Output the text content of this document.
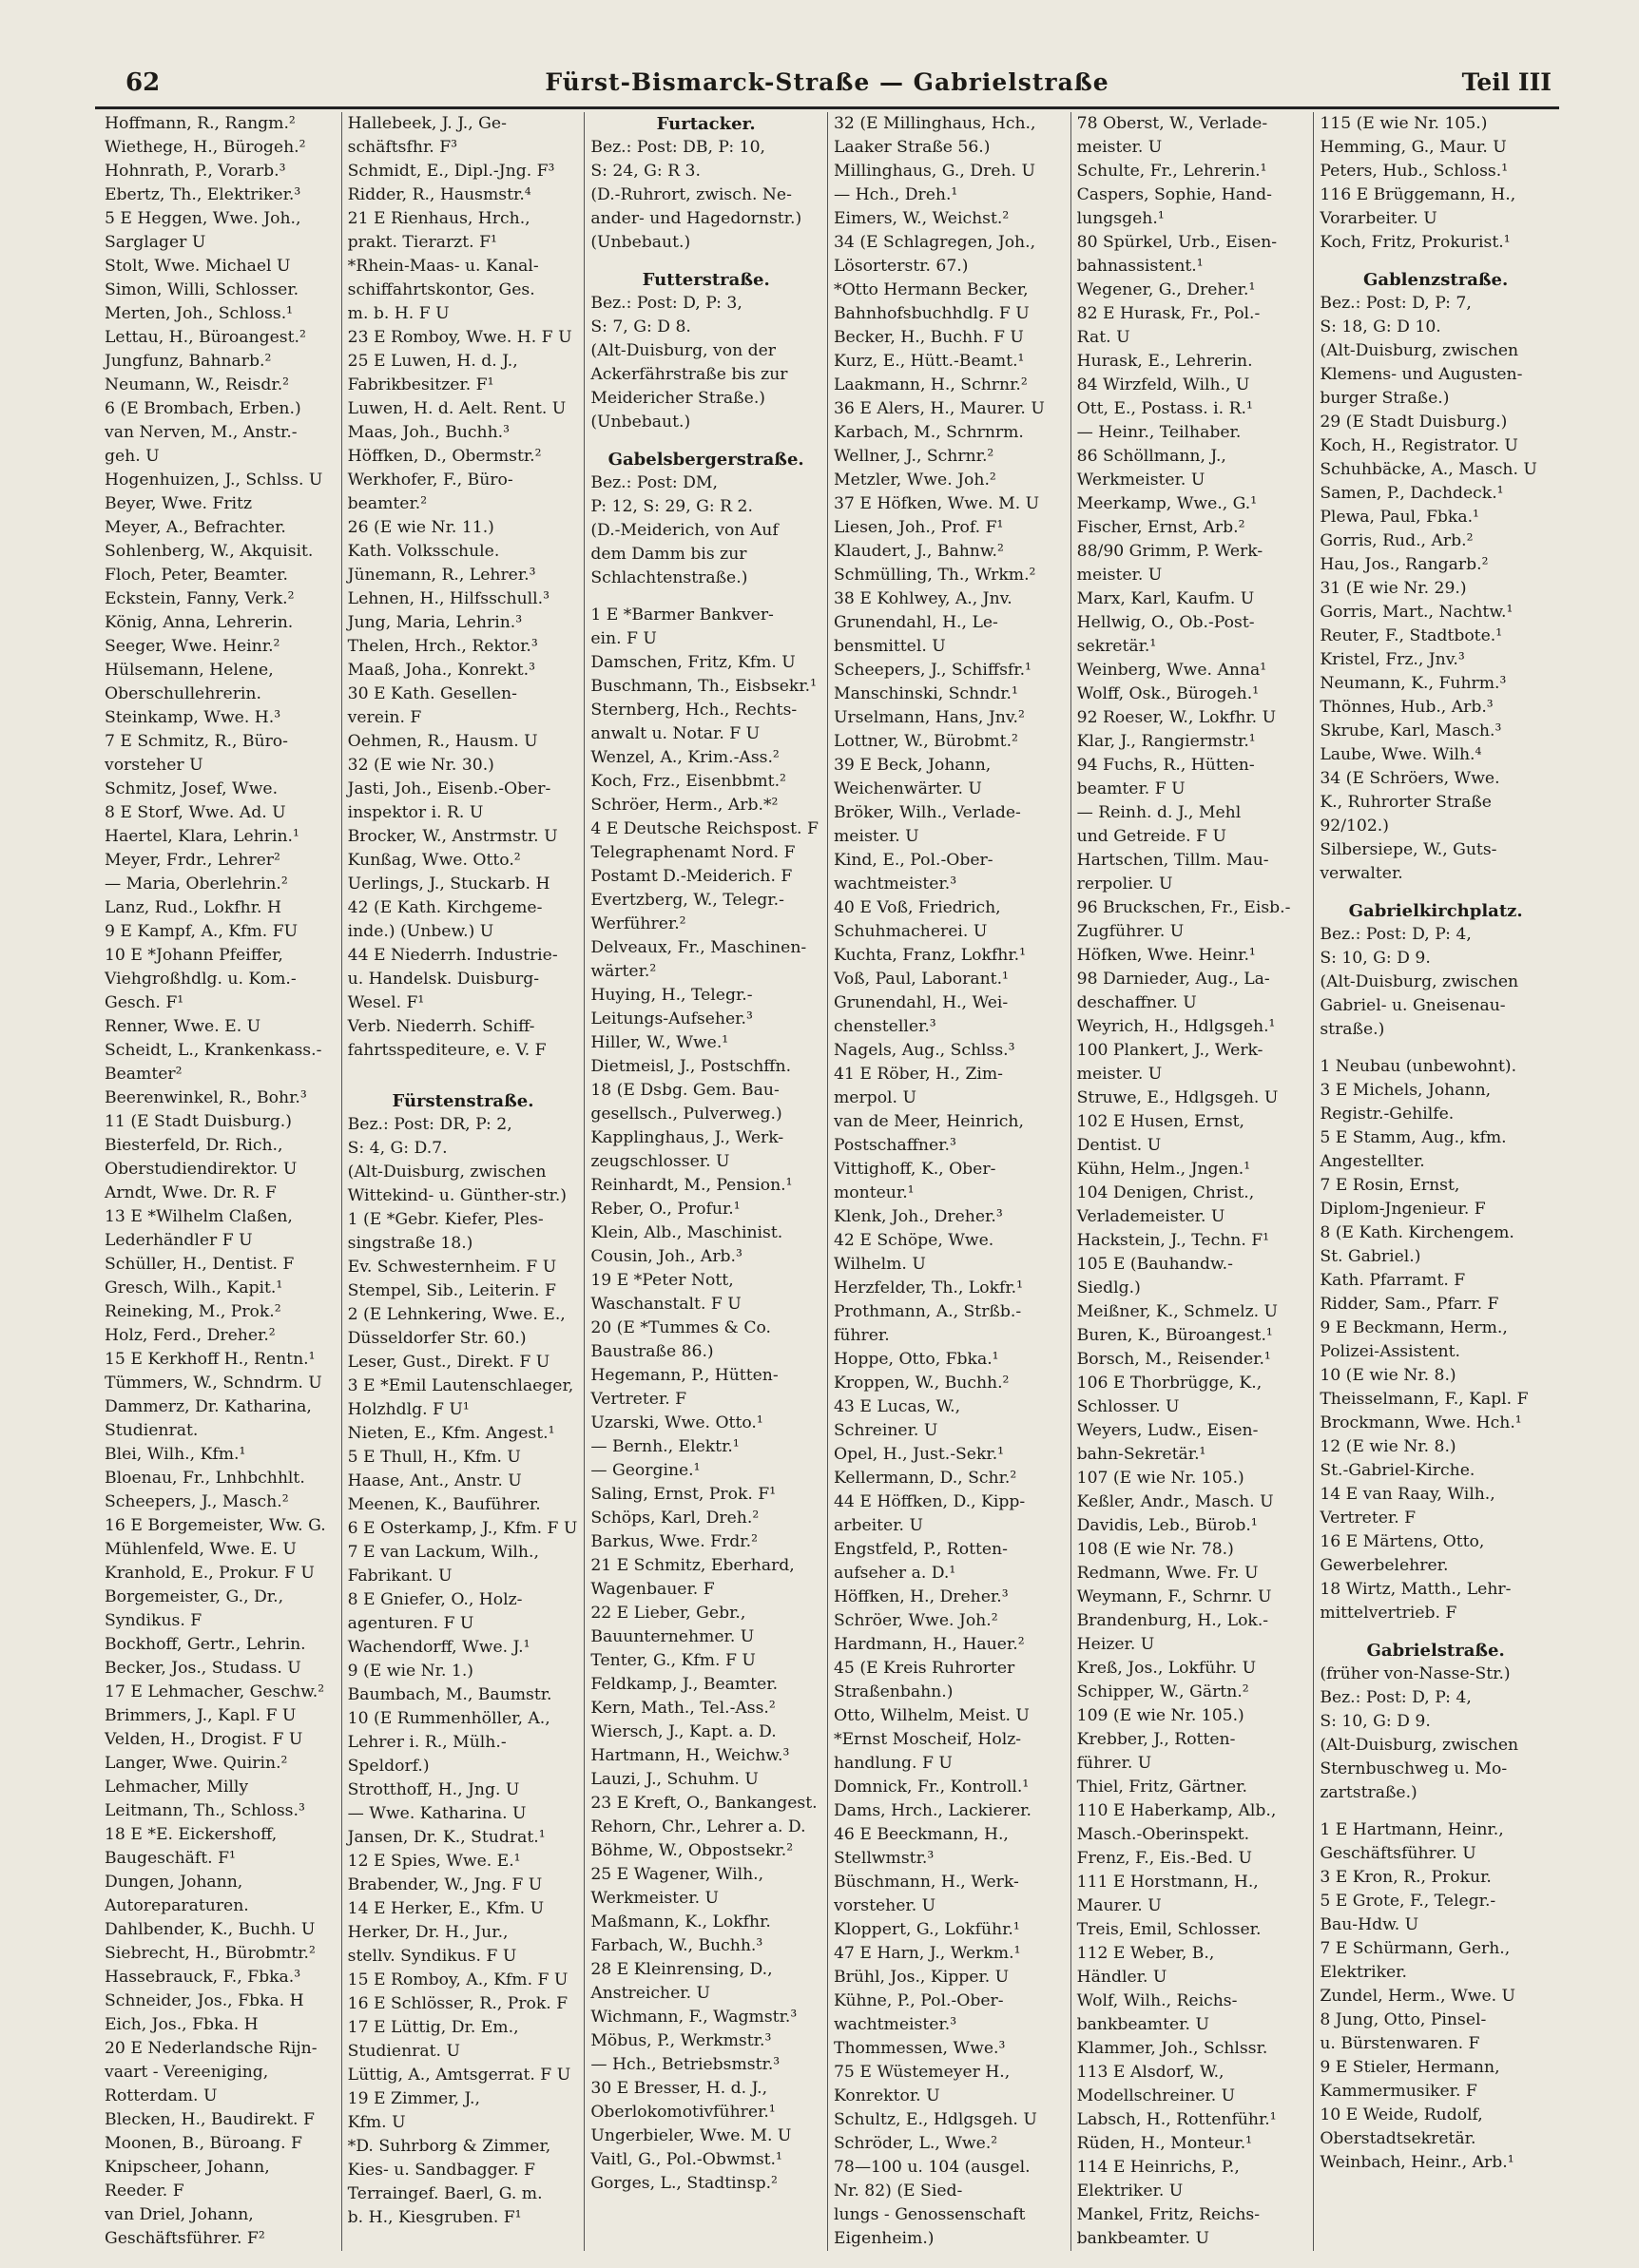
62	Fürst-Bismarck-Straße — Gabrielstraße	Teil III

Hoffmann, R., Rangm.²

Wiethege, H., Bürogeh.²

Hohnrath, P., Vorarb.³

Ebertz, Th., Elektriker.³

5 E Heggen, Wwe. Joh.,

Sarglager U

Stolt, Wwe. Michael U

Simon, Willi, Schlosser.

Merten, Joh., Schloss.¹

Lettau, H., Büroangest.²

Jungfunz, Bahnarb.²

Neumann, W., Reisdr.²

6 (E Brombach, Erben.)

van Nerven, M., Anstr.-

geh. U

Hogenhuizen, J., Schlss. U

Beyer, Wwe. Fritz

Meyer, A., Befrachter.

Sohlenberg, W., Akquisit.

Floch, Peter, Beamter.

Eckstein, Fanny, Verk.²

König, Anna, Lehrerin.

Seeger, Wwe. Heinr.²

Hülsemann, Helene,

Oberschullehrerin.

Steinkamp, Wwe. H.³

7 E Schmitz, R., Büro-

vorsteher U

Schmitz, Josef, Wwe.

8 E Storf, Wwe. Ad. U

Haertel, Klara, Lehrin.¹

Meyer, Frdr., Lehrer²

— Maria, Oberlehrin.²

Lanz, Rud., Lokfhr. H

9 E Kampf, A., Kfm. FU

10 E *Johann Pfeiffer,

Viehgroßhdlg. u. Kom.-

Gesch. F¹

Renner, Wwe. E. U

Scheidt, L., Krankenkass.-

Beamter²

Beerenwinkel, R., Bohr.³

11 (E Stadt Duisburg.)

Biesterfeld, Dr. Rich.,

Oberstudiendirektor. U

Arndt, Wwe. Dr. R. F

13 E *Wilhelm Claßen,

Lederhändler F U

Schüller, H., Dentist. F

Gresch, Wilh., Kapit.¹

Reineking, M., Prok.²

Holz, Ferd., Dreher.²

15 E Kerkhoff H., Rentn.¹

Tümmers, W., Schndrm. U

Dammerz, Dr. Katharina,

Studienrat.

Blei, Wilh., Kfm.¹

Bloenau, Fr., Lnhbchhlt.

Scheepers, J., Masch.²

16 E Borgemeister, Ww. G.

Mühlenfeld, Wwe. E. U

Kranhold, E., Prokur. F U

Borgemeister, G., Dr.,

Syndikus. F

Bockhoff, Gertr., Lehrin.

Becker, Jos., Studass. U

17 E Lehmacher, Geschw.²

Brimmers, J., Kapl. F U

Velden, H., Drogist. F U

Langer, Wwe. Quirin.²

Lehmacher, Milly

Leitmann, Th., Schloss.³

18 E *E. Eickershoff,

Baugeschäft. F¹

Dungen, Johann,

Autoreparaturen.

Dahlbender, K., Buchh. U

Siebrecht, H., Bürobmtr.²

Hassebrauck, F., Fbka.³

Schneider, Jos., Fbka. H

Eich, Jos., Fbka. H

20 E Nederlandsche Rijn-

vaart - Vereeniging,

Rotterdam. U

Blecken, H., Baudirekt. F

Moonen, B., Büroang. F

Knipscheer, Johann,

Reeder. F

van Driel, Johann,

Geschäftsführer. F²

Hallebeek, J. J., Ge-

schäftsfhr. F³

Schmidt, E., Dipl.-Jng. F³

Ridder, R., Hausmstr.⁴

21 E Rienhaus, Hrch.,

prakt. Tierarzt. F¹

*Rhein-Maas- u. Kanal-

schiffahrtskontor, Ges.

m. b. H. F U

23 E Romboy, Wwe. H. F U

25 E Luwen, H. d. J.,

Fabrikbesitzer. F¹

Luwen, H. d. Aelt. Rent. U

Maas, Joh., Buchh.³

Höffken, D., Obermstr.²

Werkhofer, F., Büro-

beamter.²

26 (E wie Nr. 11.)

Kath. Volksschule.

Jünemann, R., Lehrer.³

Lehnen, H., Hilfsschull.³

Jung, Maria, Lehrin.³

Thelen, Hrch., Rektor.³

Maaß, Joha., Konrekt.³

30 E Kath. Gesellen-

verein. F

Oehmen, R., Hausm. U

32 (E wie Nr. 30.)

Jasti, Joh., Eisenb.-Ober-

inspektor i. R. U

Brocker, W., Anstrmstr. U

Kunßag, Wwe. Otto.²

Uerlings, J., Stuckarb. H

42 (E Kath. Kirchgeme-

inde.) (Unbew.) U

44 E Niederrh. Industrie-

u. Handelsk. Duisburg-

Wesel. F¹

Verb. Niederrh. Schiff-

fahrtsspediteure, e. V. F

Fürstenstraße.

Bez.: Post: DR, P: 2,

S: 4, G: D.7.

(Alt-Duisburg, zwischen

Wittekind- u. Günther-str.)

1 (E *Gebr. Kiefer, Ples-

singstraße 18.)

Ev. Schwesternheim. F U

Stempel, Sib., Leiterin. F

2 (E Lehnkering, Wwe. E.,

Düsseldorfer Str. 60.)

Leser, Gust., Direkt. F U

3 E *Emil Lautenschlaeger,

Holzhdlg. F U¹

Nieten, E., Kfm. Angest.¹

5 E Thull, H., Kfm. U

Haase, Ant., Anstr. U

Meenen, K., Bauführer.

6 E Osterkamp, J., Kfm. F U

7 E van Lackum, Wilh.,

Fabrikant. U

8 E Gniefer, O., Holz-

agenturen. F U

Wachendorff, Wwe. J.¹

9 (E wie Nr. 1.)

Baumbach, M., Baumstr.

10 (E Rummenhöller, A.,

Lehrer i. R., Mülh.-

Speldorf.)

Strotthoff, H., Jng. U

— Wwe. Katharina. U

Jansen, Dr. K., Studrat.¹

12 E Spies, Wwe. E.¹

Brabender, W., Jng. F U

14 E Herker, E., Kfm. U

Herker, Dr. H., Jur.,

stellv. Syndikus. F U

15 E Romboy, A., Kfm. F U

16 E Schlösser, R., Prok. F

17 E Lüttig, Dr. Em.,

Studienrat. U

Lüttig, A., Amtsgerrat. F U

19 E Zimmer, J.,

Kfm. U

*D. Suhrborg & Zimmer,

Kies- u. Sandbagger. F

Terraingef. Baerl, G. m.

b. H., Kiesgruben. F¹

Furtacker.

Bez.: Post: DB, P: 10,

S: 24, G: R 3.

(D.-Ruhrort, zwisch. Ne-

ander- und Hagedornstr.)

(Unbebaut.)

Futterstraße.

Bez.: Post: D, P: 3,

S: 7, G: D 8.

(Alt-Duisburg, von der

Ackerfährstraße bis zur

Meidericher Straße.)

(Unbebaut.)

Gabelsbergerstraße.

Bez.: Post: DM,

P: 12, S: 29, G: R 2.

(D.-Meiderich, von Auf

dem Damm bis zur

Schlachtenstraße.)

1 E *Barmer Bankver-

ein. F U

Damschen, Fritz, Kfm. U

Buschmann, Th., Eisbsekr.¹

Sternberg, Hch., Rechts-

anwalt u. Notar. F U

Wenzel, A., Krim.-Ass.²

Koch, Frz., Eisenbbmt.²

Schröer, Herm., Arb.*²

4 E Deutsche Reichspost. F

Telegraphenamt Nord. F

Postamt D.-Meiderich. F

Evertzberg, W., Telegr.-

Werführer.²

Delveaux, Fr., Maschinen-

wärter.²

Huying, H., Telegr.-

Leitungs-Aufseher.³

Hiller, W., Wwe.¹

Dietmeisl, J., Postschffn.

18 (E Dsbg. Gem. Bau-

gesellsch., Pulverweg.)

Kapplinghaus, J., Werk-

zeugschlosser. U

Reinhardt, M., Pension.¹

Reber, O., Profur.¹

Klein, Alb., Maschinist.

Cousin, Joh., Arb.³

19 E *Peter Nott,

Waschanstalt. F U

20 (E *Tummes & Co.

Baustraße 86.)

Hegemann, P., Hütten-

Vertreter. F

Uzarski, Wwe. Otto.¹

— Bernh., Elektr.¹

— Georgine.¹

Saling, Ernst, Prok. F¹

Schöps, Karl, Dreh.²

Barkus, Wwe. Frdr.²

21 E Schmitz, Eberhard,

Wagenbauer. F

22 E Lieber, Gebr.,

Bauunternehmer. U

Tenter, G., Kfm. F U

Feldkamp, J., Beamter.

Kern, Math., Tel.-Ass.²

Wiersch, J., Kapt. a. D.

Hartmann, H., Weichw.³

Lauzi, J., Schuhm. U

23 E Kreft, O., Bankangest.

Rehorn, Chr., Lehrer a. D.

Böhme, W., Obpostsekr.²

25 E Wagener, Wilh.,

Werkmeister. U

Maßmann, K., Lokfhr.

Farbach, W., Buchh.³

28 E Kleinrensing, D.,

Anstreicher. U

Wichmann, F., Wagmstr.³

Möbus, P., Werkmstr.³

— Hch., Betriebsmstr.³

30 E Bresser, H. d. J.,

Oberlokomotivführer.¹

Ungerbieler, Wwe. M. U

Vaitl, G., Pol.-Obwmst.¹

Gorges, L., Stadtinsp.²

32 (E Millinghaus, Hch.,

Laaker Straße 56.)

Millinghaus, G., Dreh. U

— Hch., Dreh.¹

Eimers, W., Weichst.²

34 (E Schlagregen, Joh.,

Lösorterstr. 67.)

*Otto Hermann Becker,

Bahnhofsbuchhdlg. F U

Becker, H., Buchh. F U

Kurz, E., Hütt.-Beamt.¹

Laakmann, H., Schrnr.²

36 E Alers, H., Maurer. U

Karbach, M., Schrnrm.

Wellner, J., Schrnr.²

Metzler, Wwe. Joh.²

37 E Höfken, Wwe. M. U

Liesen, Joh., Prof. F¹

Klaudert, J., Bahnw.²

Schmülling, Th., Wrkm.²

38 E Kohlwey, A., Jnv.

Grunendahl, H., Le-

bensmittel. U

Scheepers, J., Schiffsfr.¹

Manschinski, Schndr.¹

Urselmann, Hans, Jnv.²

Lottner, W., Bürobmt.²

39 E Beck, Johann,

Weichenwärter. U

Bröker, Wilh., Verlade-

meister. U

Kind, E., Pol.-Ober-

wachtmeister.³

40 E Voß, Friedrich,

Schuhmacherei. U

Kuchta, Franz, Lokfhr.¹

Voß, Paul, Laborant.¹

Grunendahl, H., Wei-

chensteller.³

Nagels, Aug., Schlss.³

41 E Röber, H., Zim-

merpol. U

van de Meer, Heinrich,

Postschaffner.³

Vittighoff, K., Ober-

monteur.¹

Klenk, Joh., Dreher.³

42 E Schöpe, Wwe.

Wilhelm. U

Herzfelder, Th., Lokfr.¹

Prothmann, A., Strßb.-

führer.

Hoppe, Otto, Fbka.¹

Kroppen, W., Buchh.²

43 E Lucas, W.,

Schreiner. U

Opel, H., Just.-Sekr.¹

Kellermann, D., Schr.²

44 E Höffken, D., Kipp-

arbeiter. U

Engstfeld, P., Rotten-

aufseher a. D.¹

Höffken, H., Dreher.³

Schröer, Wwe. Joh.²

Hardmann, H., Hauer.²

45 (E Kreis Ruhrorter

Straßenbahn.)

Otto, Wilhelm, Meist. U

*Ernst Moscheif, Holz-

handlung. F U

Domnick, Fr., Kontroll.¹

Dams, Hrch., Lackierer.

46 E Beeckmann, H.,

Stellwmstr.³

Büschmann, H., Werk-

vorsteher. U

Kloppert, G., Lokführ.¹

47 E Harn, J., Werkm.¹

Brühl, Jos., Kipper. U

Kühne, P., Pol.-Ober-

wachtmeister.³

Thommessen, Wwe.³

75 E Wüstemeyer H.,

Konrektor. U

Schultz, E., Hdlgsgeh. U

Schröder, L., Wwe.²

78—100 u. 104 (ausgel.

Nr. 82) (E Sied-

lungs - Genossenschaft

Eigenheim.)

78 Oberst, W., Verlade-

meister. U

Schulte, Fr., Lehrerin.¹

Caspers, Sophie, Hand-

lungsgeh.¹

80 Spürkel, Urb., Eisen-

bahnassistent.¹

Wegener, G., Dreher.¹

82 E Hurask, Fr., Pol.-

Rat. U

Hurask, E., Lehrerin.

84 Wirzfeld, Wilh., U

Ott, E., Postass. i. R.¹

— Heinr., Teilhaber.

86 Schöllmann, J.,

Werkmeister. U

Meerkamp, Wwe., G.¹

Fischer, Ernst, Arb.²

88/90 Grimm, P. Werk-

meister. U

Marx, Karl, Kaufm. U

Hellwig, O., Ob.-Post-

sekretär.¹

Weinberg, Wwe. Anna¹

Wolff, Osk., Bürogeh.¹

92 Roeser, W., Lokfhr. U

Klar, J., Rangiermstr.¹

94 Fuchs, R., Hütten-

beamter. F U

— Reinh. d. J., Mehl

und Getreide. F U

Hartschen, Tillm. Mau-

rerpolier. U

96 Bruckschen, Fr., Eisb.-

Zugführer. U

Höfken, Wwe. Heinr.¹

98 Darnieder, Aug., La-

deschaffner. U

Weyrich, H., Hdlgsgeh.¹

100 Plankert, J., Werk-

meister. U

Struwe, E., Hdlgsgeh. U

102 E Husen, Ernst,

Dentist. U

Kühn, Helm., Jngen.¹

104 Denigen, Christ.,

Verlademeister. U

Hackstein, J., Techn. F¹

105 E (Bauhandw.-

Siedlg.)

Meißner, K., Schmelz. U

Buren, K., Büroangest.¹

Borsch, M., Reisender.¹

106 E Thorbrügge, K.,

Schlosser. U

Weyers, Ludw., Eisen-

bahn-Sekretär.¹

107 (E wie Nr. 105.)

Keßler, Andr., Masch. U

Davidis, Leb., Bürob.¹

108 (E wie Nr. 78.)

Redmann, Wwe. Fr. U

Weymann, F., Schrnr. U

Brandenburg, H., Lok.-

Heizer. U

Kreß, Jos., Lokführ. U

Schipper, W., Gärtn.²

109 (E wie Nr. 105.)

Krebber, J., Rotten-

führer. U

Thiel, Fritz, Gärtner.

110 E Haberkamp, Alb.,

Masch.-Oberinspekt.

Frenz, F., Eis.-Bed. U

111 E Horstmann, H.,

Maurer. U

Treis, Emil, Schlosser.

112 E Weber, B.,

Händler. U

Wolf, Wilh., Reichs-

bankbeamter. U

Klammer, Joh., Schlssr.

113 E Alsdorf, W.,

Modellschreiner. U

Labsch, H., Rottenführ.¹

Rüden, H., Monteur.¹

114 E Heinrichs, P.,

Elektriker. U

Mankel, Fritz, Reichs-

bankbeamter. U

115 (E wie Nr. 105.)

Hemming, G., Maur. U

Peters, Hub., Schloss.¹

116 E Brüggemann, H.,

Vorarbeiter. U

Koch, Fritz, Prokurist.¹

Gablenzstraße.

Bez.: Post: D, P: 7,

S: 18, G: D 10.

(Alt-Duisburg, zwischen

Klemens- und Augusten-

burger Straße.)

29 (E Stadt Duisburg.)

Koch, H., Registrator. U

Schuhbäcke, A., Masch. U

Samen, P., Dachdeck.¹

Plewa, Paul, Fbka.¹

Gorris, Rud., Arb.²

Hau, Jos., Rangarb.²

31 (E wie Nr. 29.)

Gorris, Mart., Nachtw.¹

Reuter, F., Stadtbote.¹

Kristel, Frz., Jnv.³

Neumann, K., Fuhrm.³

Thönnes, Hub., Arb.³

Skrube, Karl, Masch.³

Laube, Wwe. Wilh.⁴

34 (E Schröers, Wwe.

K., Ruhrorter Straße

92/102.)

Silbersiepe, W., Guts-

verwalter.

Gabrielkirchplatz.

Bez.: Post: D, P: 4,

S: 10, G: D 9.

(Alt-Duisburg, zwischen

Gabriel- u. Gneisenau-

straße.)

1 Neubau (unbewohnt).

3 E Michels, Johann,

Registr.-Gehilfe.

5 E Stamm, Aug., kfm.

Angestellter.

7 E Rosin, Ernst,

Diplom-Jngenieur. F

8 (E Kath. Kirchengem.

St. Gabriel.)

Kath. Pfarramt. F

Ridder, Sam., Pfarr. F

9 E Beckmann, Herm.,

Polizei-Assistent.

10 (E wie Nr. 8.)

Theisselmann, F., Kapl. F

Brockmann, Wwe. Hch.¹

12 (E wie Nr. 8.)

St.-Gabriel-Kirche.

14 E van Raay, Wilh.,

Vertreter. F

16 E Märtens, Otto,

Gewerbelehrer.

18 Wirtz, Matth., Lehr-

mittelvertrieb. F

Gabrielstraße.

(früher von-Nasse-Str.)

Bez.: Post: D, P: 4,

S: 10, G: D 9.

(Alt-Duisburg, zwischen

Sternbuschweg u. Mo-

zartstraße.)

1 E Hartmann, Heinr.,

Geschäftsführer. U

3 E Kron, R., Prokur.

5 E Grote, F., Telegr.-

Bau-Hdw. U

7 E Schürmann, Gerh.,

Elektriker.

Zundel, Herm., Wwe. U

8 Jung, Otto, Pinsel-

u. Bürstenwaren. F

9 E Stieler, Hermann,

Kammermusiker. F

10 E Weide, Rudolf,

Oberstadtsekretär.

Weinbach, Heinr., Arb.¹
